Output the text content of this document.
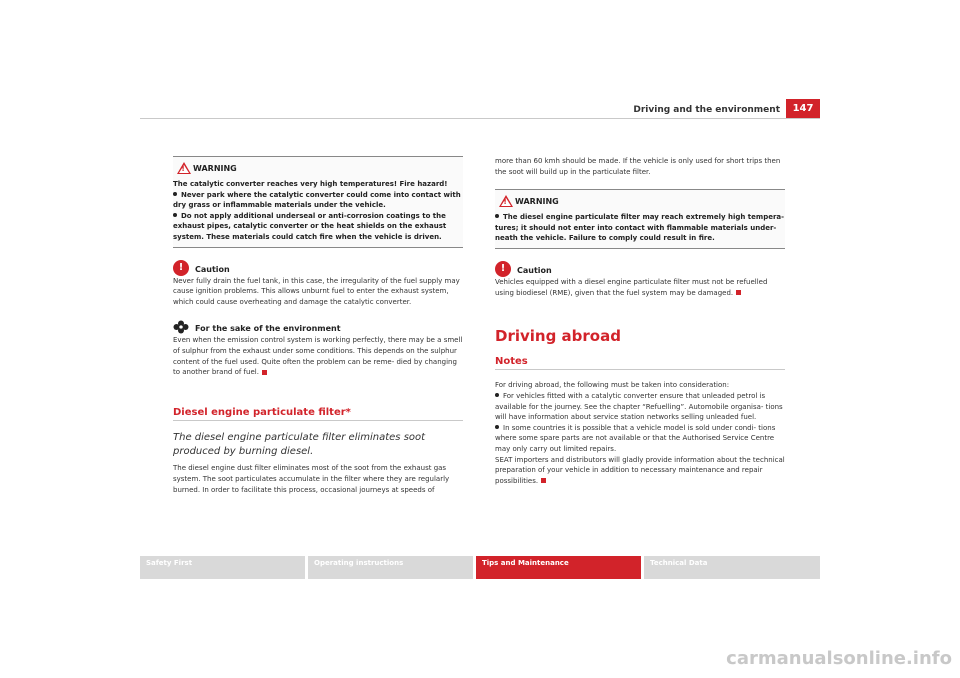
Driving and the environment	147
! WARNING

The catalytic converter reaches very high temperatures! Fire hazard!

Never park where the catalytic converter could come into contact with dry grass or inflammable materials under the vehicle.

Do not apply additional underseal or anti-corrosion coatings to the exhaust pipes, catalytic converter or the heat shields on the exhaust system. These materials could catch fire when the vehicle is driven.

!	Caution

Never fully drain the fuel tank, in this case, the irregularity of the fuel supply may cause ignition problems. This allows unburnt fuel to enter the exhaust system, which could cause overheating and damage the catalytic converter.

For the sake of the environment

Even when the emission control system is working perfectly, there may be a smell of sulphur from the exhaust under some conditions. This depends on the sulphur content of the fuel used. Quite often the problem can be reme- died by changing to another brand of fuel.

Diesel engine particulate filter*
The diesel engine particulate filter eliminates soot produced by burning diesel.

The diesel engine dust filter eliminates most of the soot from the exhaust gas system. The soot particulates accumulate in the filter where they are regularly burned. In order to facilitate this process, occasional journeys at speeds of

more than 60 kmh should be made. If the vehicle is only used for short trips then the soot will build up in the particulate filter.

! WARNING

The diesel engine particulate filter may reach extremely high tempera- tures; it should not enter into contact with flammable materials under- neath the vehicle. Failure to comply could result in fire.

!	Caution

Vehicles equipped with a diesel engine particulate filter must not be refuelled using biodiesel (RME), given that the fuel system may be damaged.

Driving abroad
Notes

For driving abroad, the following must be taken into consideration:

For vehicles fitted with a catalytic converter ensure that unleaded petrol is available for the journey. See the chapter “Refuelling”. Automobile organisa- tions will have information about service station networks selling unleaded fuel.

In some countries it is possible that a vehicle model is sold under condi- tions where some spare parts are not available or that the Authorised Service Centre may only carry out limited repairs.

SEAT importers and distributors will gladly provide information about the technical preparation of your vehicle in addition to necessary maintenance and repair possibilities.

Safety First	Operating instructions	Tips and Maintenance	Technical Data
carmanualsonline.info
